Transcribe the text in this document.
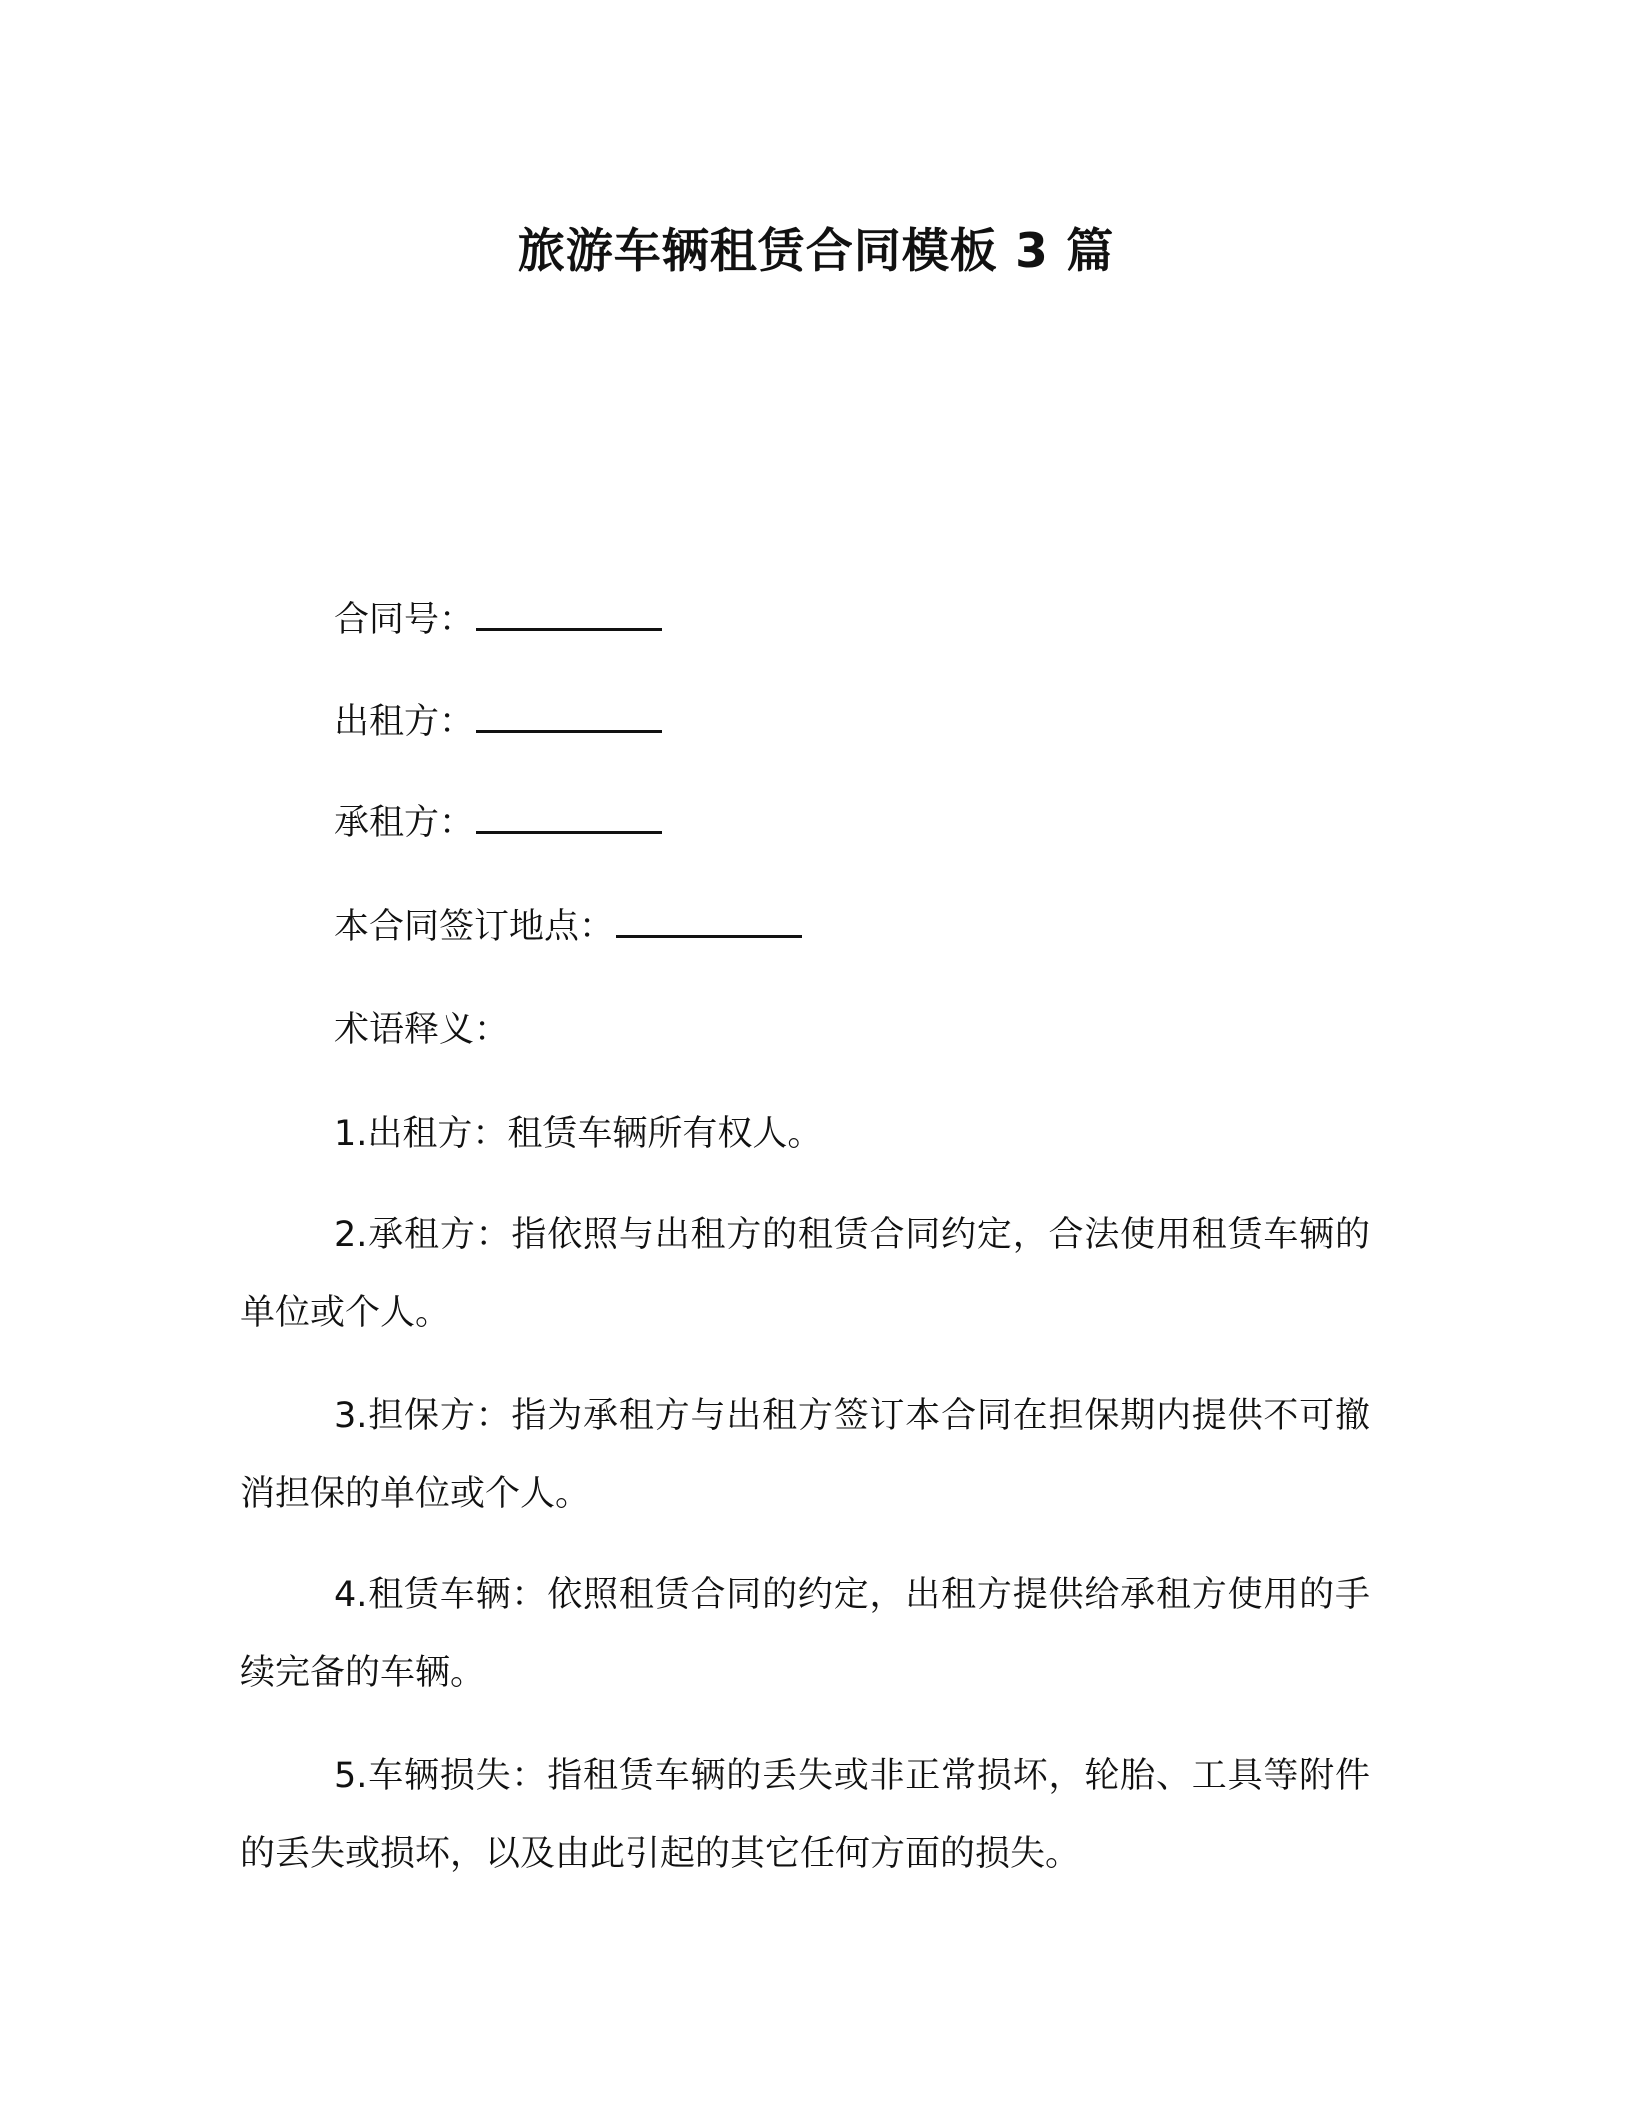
旅游车辆租赁合同模板 3 篇
合同号：
出租方：
承租方：
本合同签订地点：
术语释义：
1.出租方：租赁车辆所有权人。
2.承租方：指依照与出租方的租赁合同约定，合法使用租赁车辆的单位或个人。
3.担保方：指为承租方与出租方签订本合同在担保期内提供不可撤消担保的单位或个人。
4.租赁车辆：依照租赁合同的约定，出租方提供给承租方使用的手续完备的车辆。
5.车辆损失：指租赁车辆的丢失或非正常损坏，轮胎、工具等附件的丢失或损坏，以及由此引起的其它任何方面的损失。
